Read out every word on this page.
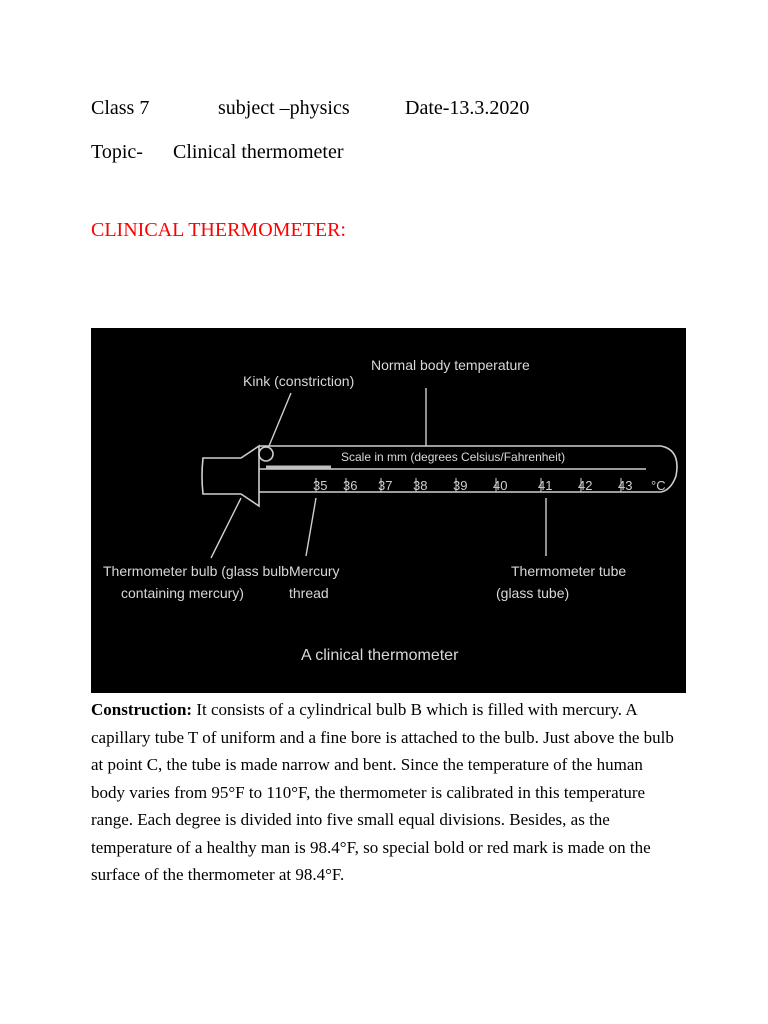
Class 7	subject –physics	Date-13.3.2020
Topic- Clinical thermometer
CLINICAL THERMOMETER:
35 36 37 38 39 40 41 42 43 °C
Kink (constriction)
Normal body temperature
Scale in mm (degrees Celsius/Fahrenheit)
Thermometer bulb (glass bulb containing mercury)
Mercury thread
Thermometer tube (glass tube)
A clinical thermometer

Construction: It consists of a cylindrical bulb B which is filled with mercury. A capillary tube T of uniform and a fine bore is attached to the bulb. Just above the bulb at point C, the tube is made narrow and bent. Since the temperature of the human body varies from 95°F to 110°F, the thermometer is calibrated in this temperature range. Each degree is divided into five small equal divisions. Besides, as the temperature of a healthy man is 98.4°F, so special bold or red mark is made on the surface of the thermometer at 98.4°F.
